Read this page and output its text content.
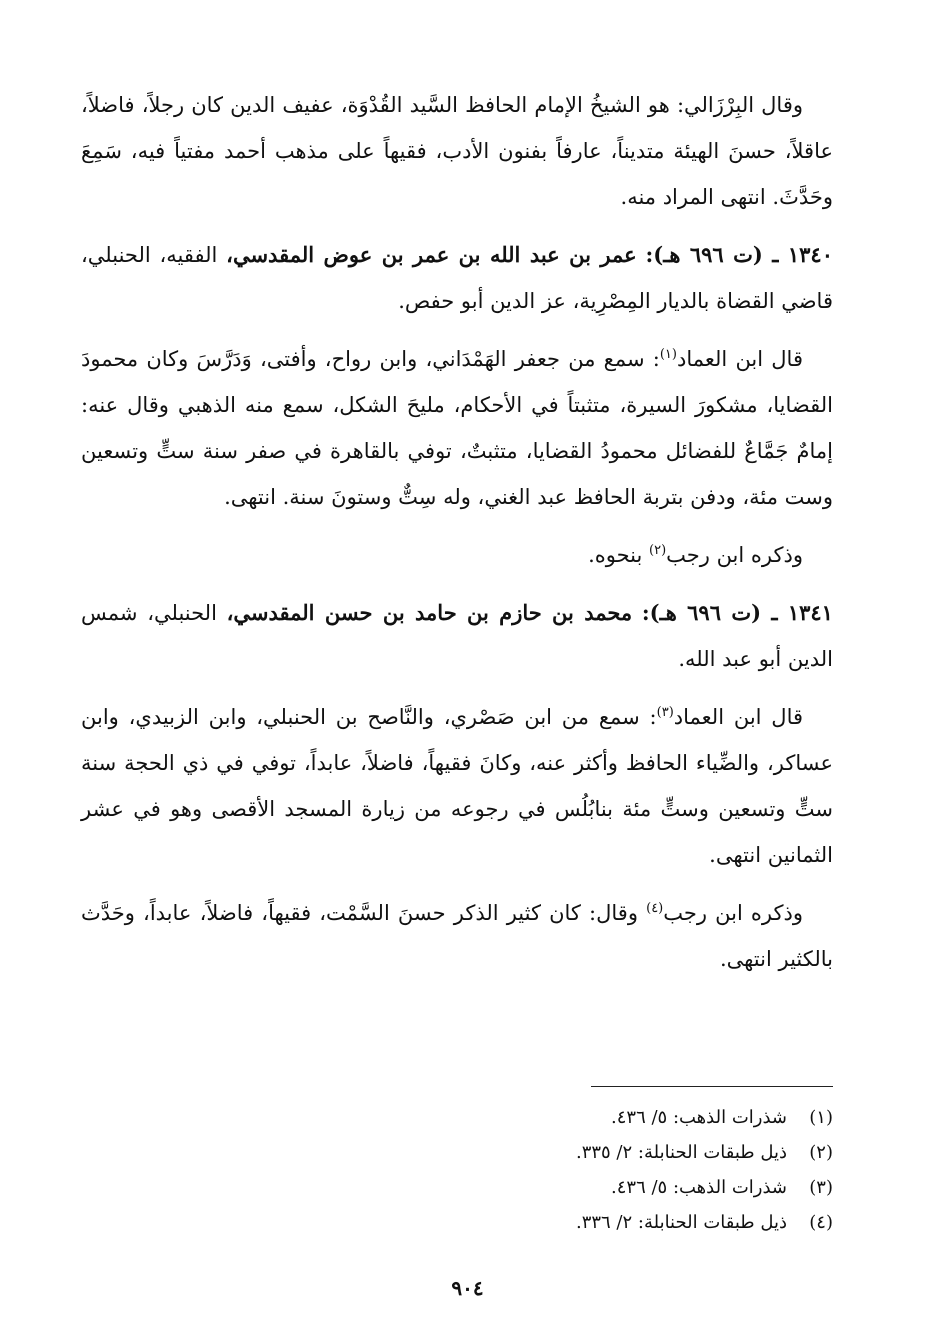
وقال البِرْزَالي: هو الشيخُ الإمام الحافظ السَّيد القُدْوَة، عفيف الدين كان رجلاً، فاضلاً، عاقلاً، حسنَ الهيئة متديناً، عارفاً بفنون الأدب، فقيهاً على مذهب أحمد مفتياً فيه، سَمِعَ وحَدَّثَ. انتهى المراد منه.

١٣٤٠ ـ (ت ٦٩٦ هـ): عمر بن عبد الله بن عمر بن عوض المقدسي، الفقيه، الحنبلي، قاضي القضاة بالديار المِصْرِية، عز الدين أبو حفص.

قال ابن العماد$^{(١)}$: سمع من جعفر الهَمْدَاني، وابن رواح، وأفتى، وَدَرَّسَ وكان محمودَ القضايا، مشكورَ السيرة، متثبتاً في الأحكام، مليحَ الشكل، سمع منه الذهبي وقال عنه: إمامٌ جَمَّاعٌ للفضائل محمودُ القضايا، متثبتٌ، توفي بالقاهرة في صفر سنة ستٍّ وتسعين وست مئة، ودفن بتربة الحافظ عبد الغني، وله سِتٌّ وستونَ سنة. انتهى.

وذكره ابن رجب$^{(٢)}$ بنحوه.

١٣٤١ ـ (ت ٦٩٦ هـ): محمد بن حازم بن حامد بن حسن المقدسي، الحنبلي، شمس الدين أبو عبد الله.

قال ابن العماد$^{(٣)}$: سمع من ابن صَصْري، والنَّاصح بن الحنبلي، وابن الزبيدي، وابن عساكر، والضِّياء الحافظ وأكثر عنه، وكانَ فقيهاً، فاضلاً، عابداً، توفي في ذي الحجة سنة ستٍّ وتسعين وستٍّ مئة بنابُلُس في رجوعه من زيارة المسجد الأقصى وهو في عشر الثمانين انتهى.

وذكره ابن رجب$^{(٤)}$ وقال: كان كثير الذكر حسنَ السَّمْت، فقيهاً، فاضلاً، عابداً، وحَدَّث بالكثير انتهى.

(١)
شذرات الذهب: ٥/ ٤٣٦.
(٢)
ذيل طبقات الحنابلة: ٢/ ٣٣٥.
(٣)
شذرات الذهب: ٥/ ٤٣٦.
(٤)
ذيل طبقات الحنابلة: ٢/ ٣٣٦.
٩٠٤
